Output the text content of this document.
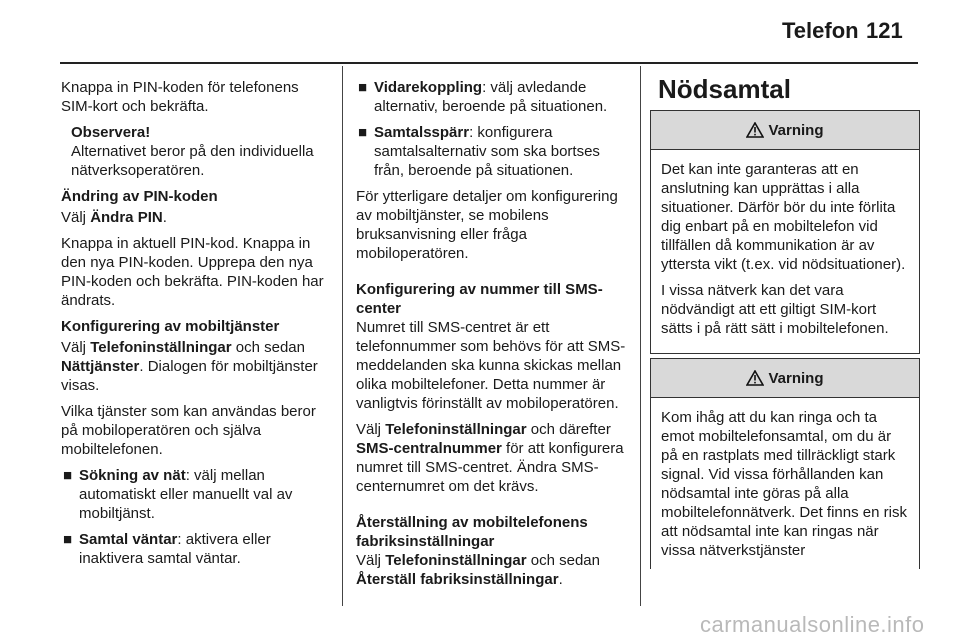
Telefon 121

Knappa in PIN-koden för telefonens SIM-kort och bekräfta.

Observera!

Alternativet beror på den individuella nätverksoperatören.

Ändring av PIN-koden

Välj Ändra PIN.

Knappa in aktuell PIN-kod. Knappa in den nya PIN-koden. Upprepa den nya PIN-koden och bekräfta. PIN-koden har ändrats.

Konfigurering av mobiltjänster

Välj Telefoninställningar och sedan Nättjänster. Dialogen för mobiltjänster visas.

Vilka tjänster som kan användas beror på mobiloperatören och själva mobiltelefonen.

■ Sökning av nät: välj mellan automatiskt eller manuellt val av mobiltjänst.
■ Samtal väntar: aktivera eller inaktivera samtal väntar.
■ Vidarekoppling: välj avledande alternativ, beroende på situationen.
■ Samtalsspärr: konfigurera samtalsalternativ som ska bortses från, beroende på situationen.

För ytterligare detaljer om konfigurering av mobiltjänster, se mobilens bruksanvisning eller fråga mobiloperatören.

Konfigurering av nummer till SMS-center

Numret till SMS-centret är ett telefonnummer som behövs för att SMS-meddelanden ska kunna skickas mellan olika mobiltelefoner. Detta nummer är vanligtvis förinställt av mobiloperatören.

Välj Telefoninställningar och därefter SMS-centralnummer för att konfigurera numret till SMS-centret. Ändra SMS-centernumret om det krävs.

Återställning av mobiltelefonens fabriksinställningar

Välj Telefoninställningar och sedan Återställ fabriksinställningar.

Nödsamtal
Varning

Det kan inte garanteras att en anslutning kan upprättas i alla situationer. Därför bör du inte förlita dig enbart på en mobiltelefon vid tillfällen då kommunikation är av yttersta vikt (t.ex. vid nödsituationer).

I vissa nätverk kan det vara nödvändigt att ett giltigt SIM-kort sätts i på rätt sätt i mobiltelefonen.

Varning

Kom ihåg att du kan ringa och ta emot mobiltelefonsamtal, om du är på en rastplats med tillräckligt stark signal. Vid vissa förhållanden kan nödsamtal inte göras på alla mobiltelefonnätverk. Det finns en risk att nödsamtal inte kan ringas när vissa nätverkstjänster

carmanualsonline.info
